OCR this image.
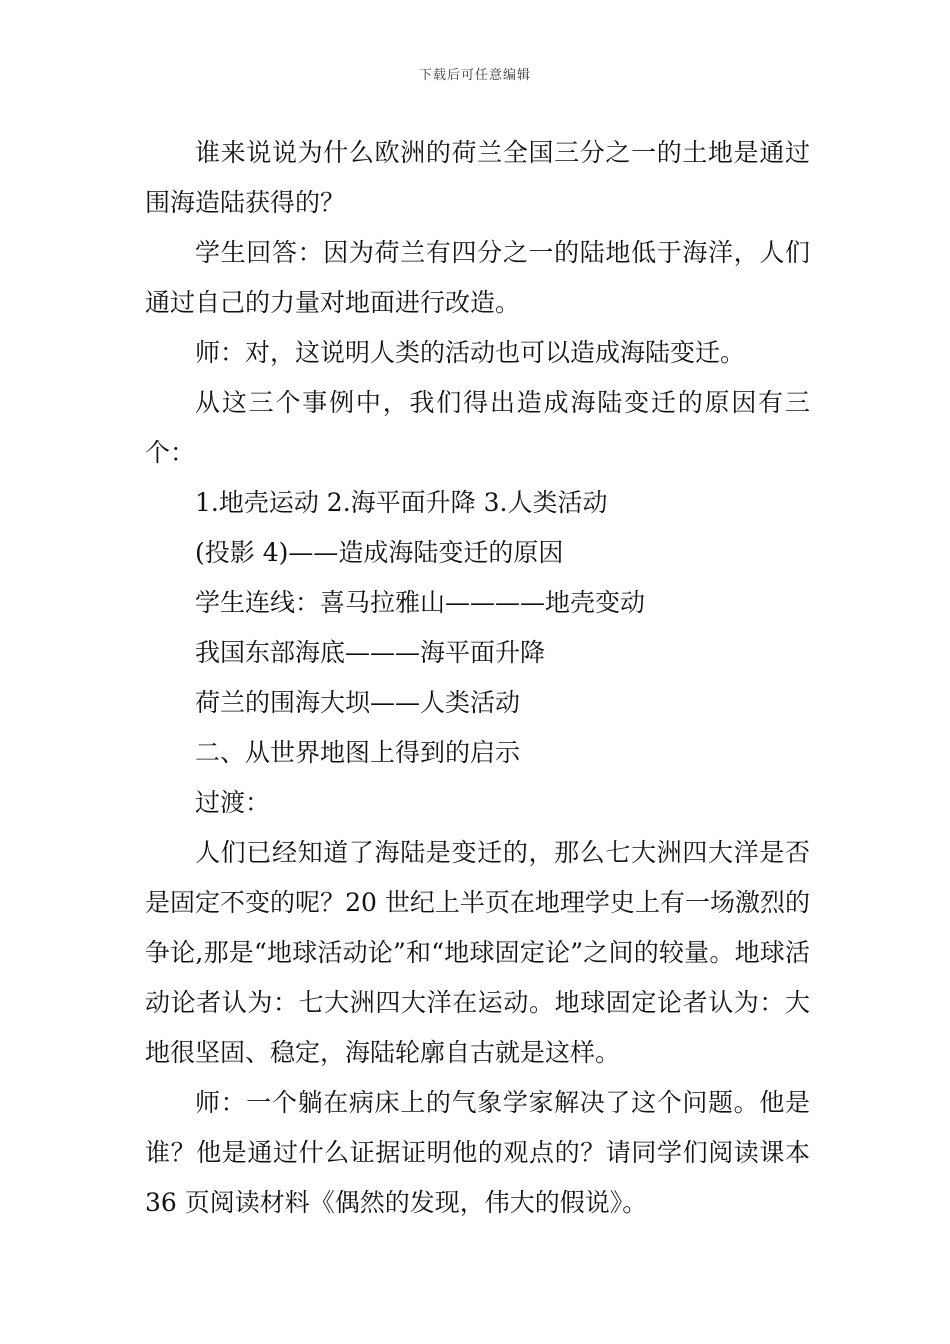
下载后可任意编辑

谁来说说为什么欧洲的荷兰全国三分之一的土地是通过围海造陆获得的？

学生回答：因为荷兰有四分之一的陆地低于海洋，人们通过自己的力量对地面进行改造。

师：对，这说明人类的活动也可以造成海陆变迁。

从这三个事例中，我们得出造成海陆变迁的原因有三个：

1.地壳运动 2.海平面升降 3.人类活动

(投影 4)——造成海陆变迁的原因

学生连线：喜马拉雅山————地壳变动

我国东部海底———海平面升降

荷兰的围海大坝——人类活动

二、从世界地图上得到的启示

过渡：

人们已经知道了海陆是变迁的，那么七大洲四大洋是否是固定不变的呢？20 世纪上半页在地理学史上有一场激烈的争论,那是“地球活动论”和“地球固定论”之间的较量。地球活动论者认为：七大洲四大洋在运动。地球固定论者认为：大地很坚固、稳定，海陆轮廓自古就是这样。

师：一个躺在病床上的气象学家解决了这个问题。他是谁？他是通过什么证据证明他的观点的？请同学们阅读课本 36 页阅读材料《偶然的发现，伟大的假说》。
